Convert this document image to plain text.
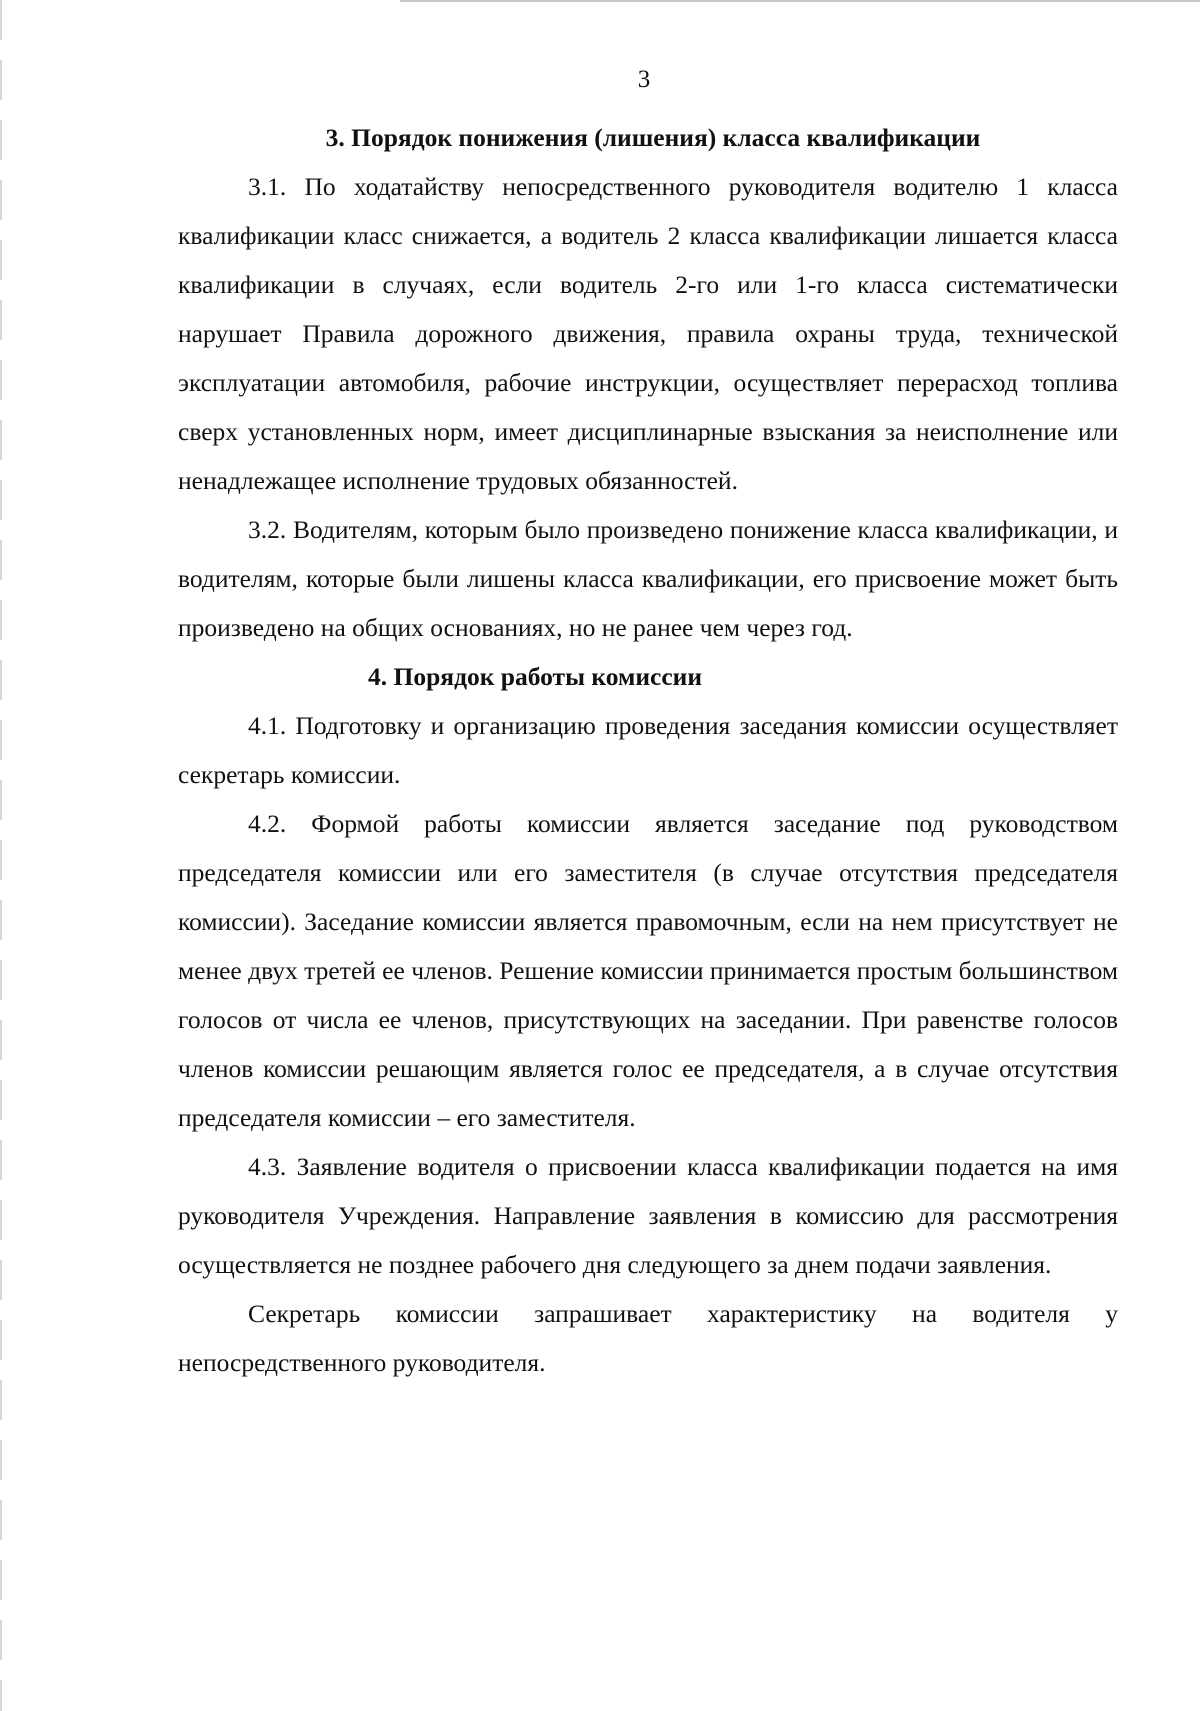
3

3. Порядок понижения (лишения) класса квалификации

3.1. По ходатайству непосредственного руководителя водителю 1 класса квалификации класс снижается, а водитель 2 класса квалификации лишается класса квалификации в случаях, если водитель 2-го или 1-го класса систематически нарушает Правила дорожного движения, правила охраны труда, технической эксплуатации автомобиля, рабочие инструкции, осуществляет перерасход топлива сверх установленных норм, имеет дисциплинарные взыскания за неисполнение или ненадлежащее исполнение трудовых обязанностей.

3.2. Водителям, которым было произведено понижение класса квалификации, и водителям, которые были лишены класса квалификации, его присвоение может быть произведено на общих основаниях, но не ранее чем через год.

4. Порядок работы комиссии

4.1. Подготовку и организацию проведения заседания комиссии осуществляет секретарь комиссии.

4.2. Формой работы комиссии является заседание под руководством председателя комиссии или его заместителя (в случае отсутствия председателя комиссии). Заседание комиссии является правомочным, если на нем присутствует не менее двух третей ее членов. Решение комиссии принимается простым большинством голосов от числа ее членов, присутствующих на заседании. При равенстве голосов членов комиссии решающим является голос ее председателя, а в случае отсутствия председателя комиссии – его заместителя.

4.3. Заявление водителя о присвоении класса квалификации подается на имя руководителя Учреждения. Направление заявления в комиссию для рассмотрения осуществляется не позднее рабочего дня следующего за днем подачи заявления.

Секретарь комиссии запрашивает характеристику на водителя у непосредственного руководителя.
